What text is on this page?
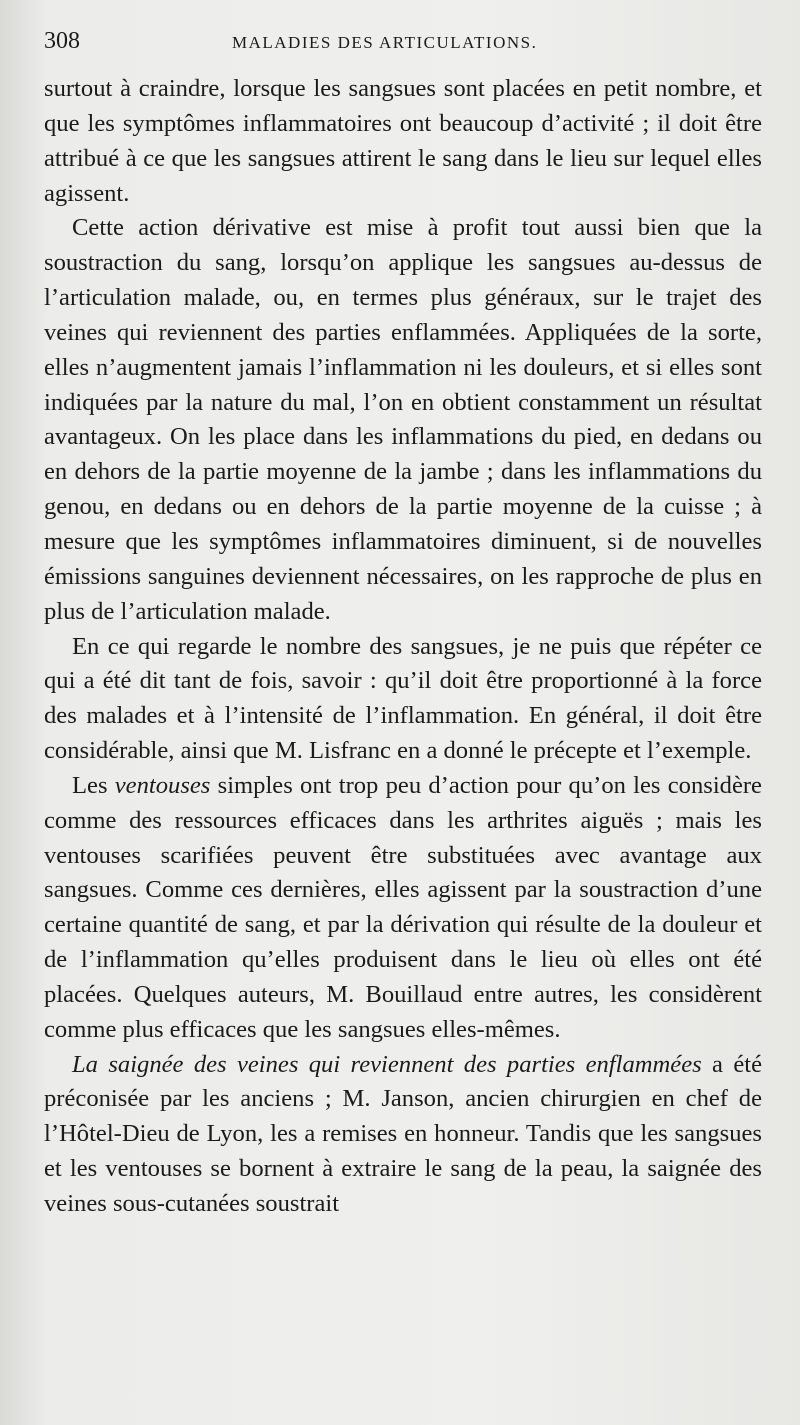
308	MALADIES DES ARTICULATIONS.

surtout à craindre, lorsque les sangsues sont placées en petit nombre, et que les symptômes inflammatoires ont beaucoup d’activité ; il doit être attribué à ce que les sangsues attirent le sang dans le lieu sur lequel elles agissent.

Cette action dérivative est mise à profit tout aussi bien que la soustraction du sang, lorsqu’on applique les sangsues au-dessus de l’articulation malade, ou, en termes plus généraux, sur le trajet des veines qui reviennent des parties enflammées. Appliquées de la sorte, elles n’augmentent jamais l’inflammation ni les douleurs, et si elles sont indiquées par la nature du mal, l’on en obtient constamment un résultat avantageux. On les place dans les inflammations du pied, en dedans ou en dehors de la partie moyenne de la jambe ; dans les inflammations du genou, en dedans ou en dehors de la partie moyenne de la cuisse ; à mesure que les symptômes inflammatoires diminuent, si de nouvelles émissions sanguines deviennent nécessaires, on les rapproche de plus en plus de l’articulation malade.

En ce qui regarde le nombre des sangsues, je ne puis que répéter ce qui a été dit tant de fois, savoir : qu’il doit être proportionné à la force des malades et à l’intensité de l’inflammation. En général, il doit être considérable, ainsi que M. Lisfranc en a donné le précepte et l’exemple.

Les ventouses simples ont trop peu d’action pour qu’on les considère comme des ressources efficaces dans les arthrites aiguës ; mais les ventouses scarifiées peuvent être substituées avec avantage aux sangsues. Comme ces dernières, elles agissent par la soustraction d’une certaine quantité de sang, et par la dérivation qui résulte de la douleur et de l’inflammation qu’elles produisent dans le lieu où elles ont été placées. Quelques auteurs, M. Bouillaud entre autres, les considèrent comme plus efficaces que les sangsues elles-mêmes.

La saignée des veines qui reviennent des parties enflammées a été préconisée par les anciens ; M. Janson, ancien chirurgien en chef de l’Hôtel-Dieu de Lyon, les a remises en honneur. Tandis que les sangsues et les ventouses se bornent à extraire le sang de la peau, la saignée des veines sous-cutanées soustrait
